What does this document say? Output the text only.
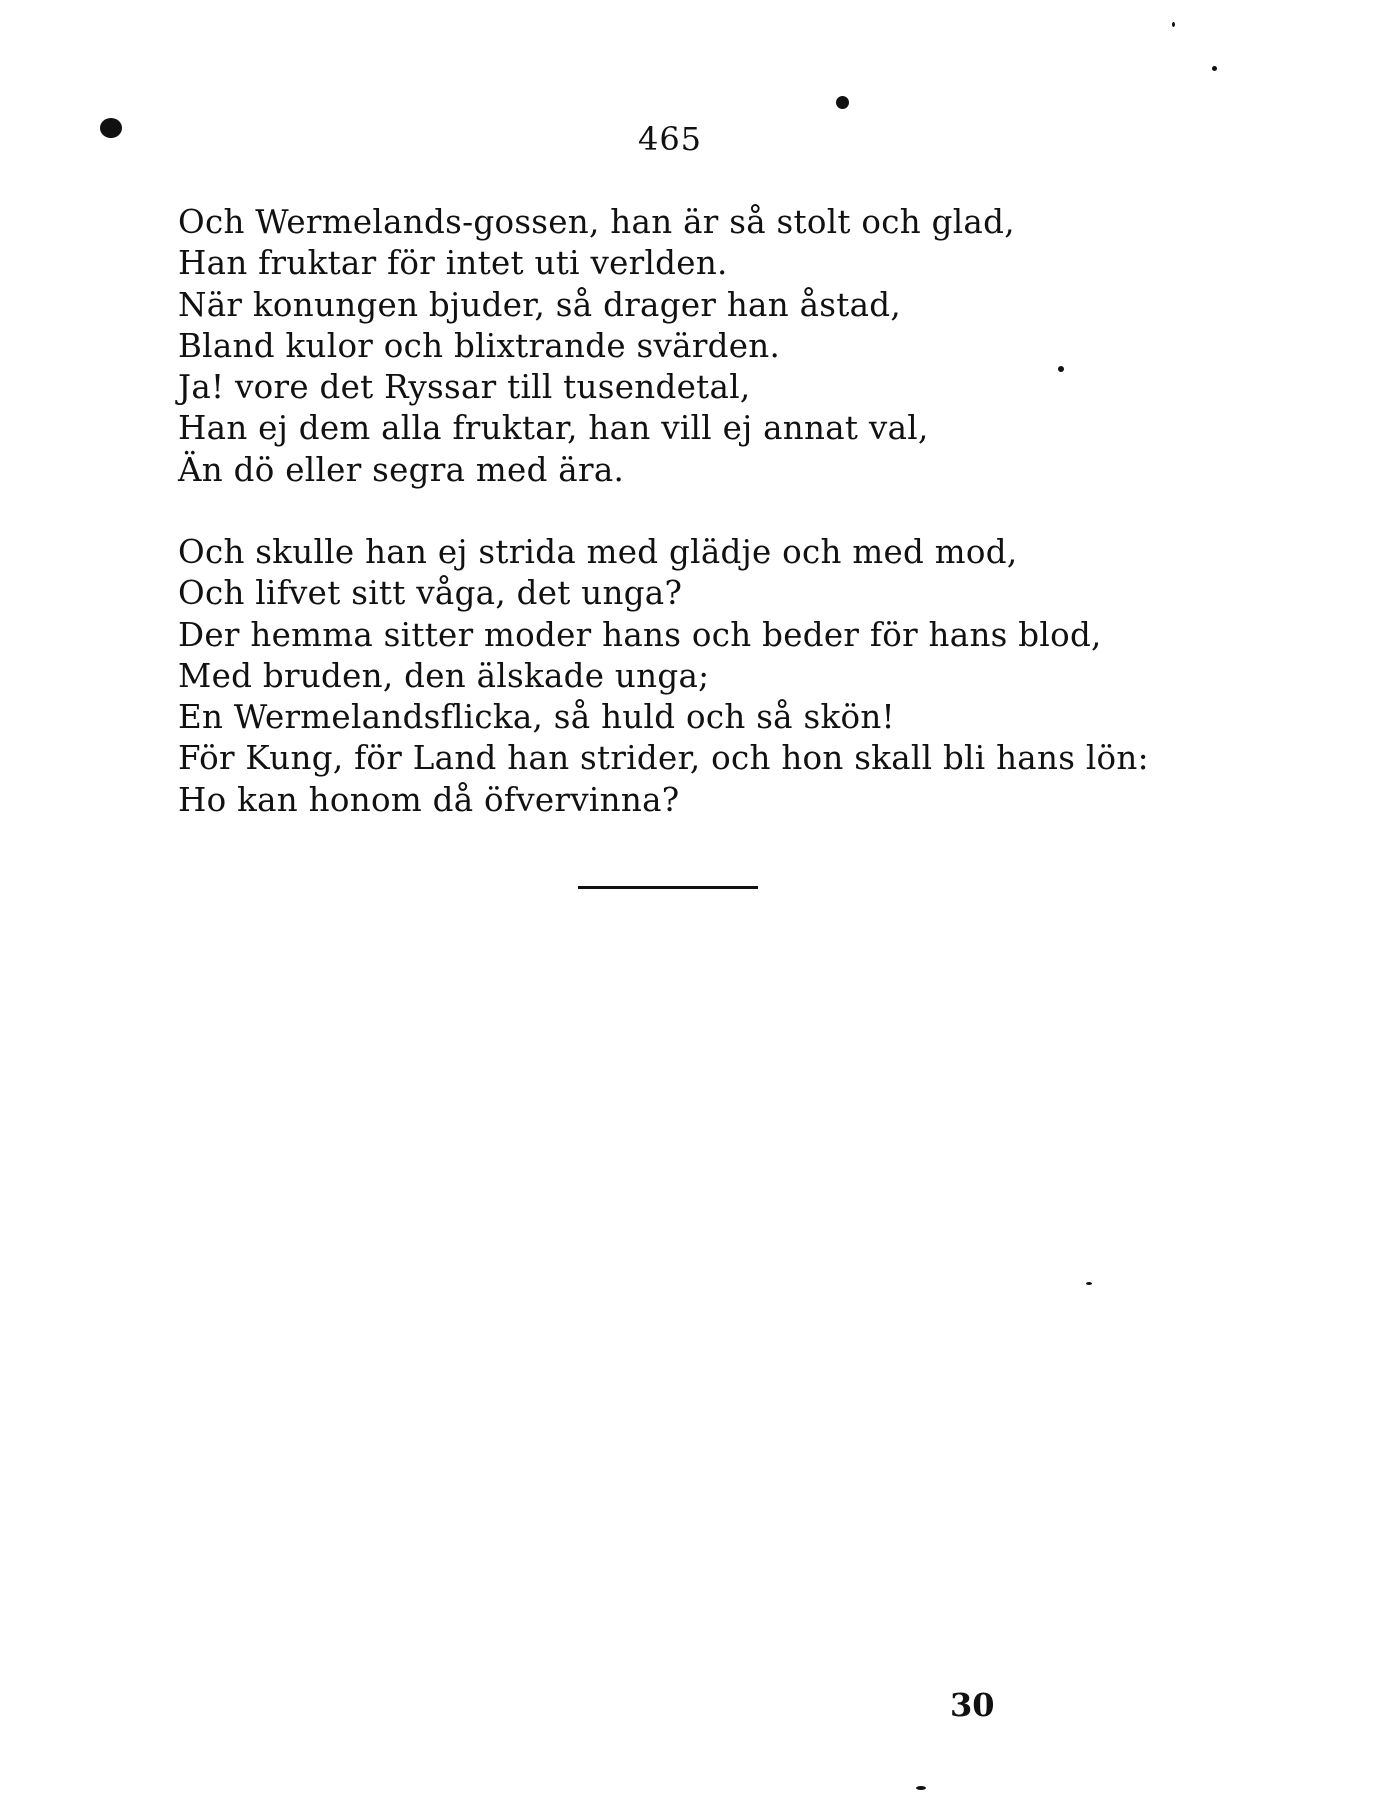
465
Och Wermelands-gossen, han är så stolt och glad,
Han fruktar för intet uti verlden.
När konungen bjuder, så drager han åstad,
Bland kulor och blixtrande svärden.
Ja! vore det Ryssar till tusendetal,
Han ej dem alla fruktar, han vill ej annat val,
Än dö eller segra med ära.
Och skulle han ej strida med glädje och med mod,
Och lifvet sitt våga, det unga?
Der hemma sitter moder hans och beder för hans blod,
Med bruden, den älskade unga;
En Wermelandsflicka, så huld och så skön!
För Kung, för Land han strider, och hon skall bli hans lön:
Ho kan honom då öfvervinna?
30
